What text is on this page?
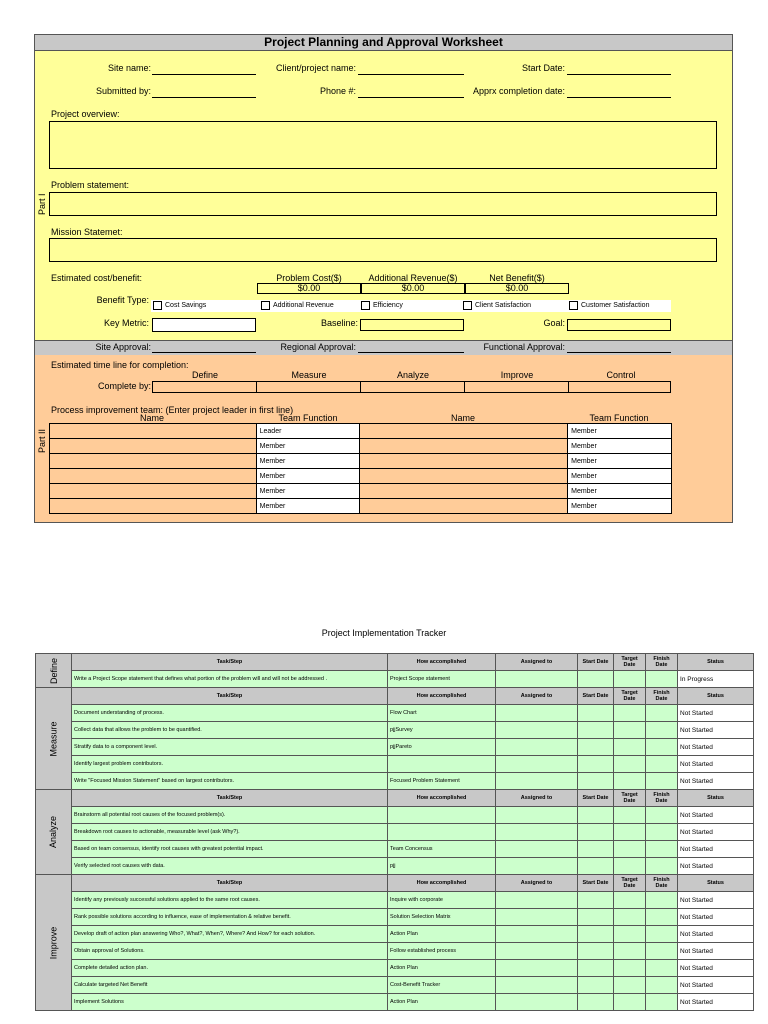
Project Planning and Approval Worksheet
Site name:	Client/project name:	Start Date:
Submitted by:	Phone #:	Apprx completion date:
Project overview:
Part I
Problem statement:
Mission Statemet:
Estimated cost/benefit:	Problem Cost($)	Additional Revenue($)	Net Benefit($)
$0.00	$0.00	$0.00
Benefit Type:
Cost Savings	Additional Revenue	Efficiency	Client Satisfaction	Customer Satisfaction
Key Metric:	Baseline:	Goal:
Site Approval:	Regional Approval:	Functional Approval:
Estimated time line for completion:
Define	Measure	Analyze	Improve	Control
Complete by:
Process improvement team: (Enter project leader in first line)
Part II
Name	Team Function	Name	Team Function
	Leader		Member
	Member		Member
	Member		Member
	Member		Member
	Member		Member
	Member		Member
Project Implementation Tracker
Define	Task/Step	How accomplished	Assigned to	Start Date	Target Date	Finish Date	Status
	Write a Project Scope statement that defines what portion of the problem will and will not be addressed .	Project Scope statement					In Progress
Measure	Task/Step	How accomplished	Assigned to	Start Date	Target Date	Finish Date	Status
	Document understanding of process.	Flow Chart					Not Started
	Collect data that allows the problem to be quantified.	pjjSurvey					Not Started
	Stratify data to a component level.	pjjPareto					Not Started
	Identify largest problem contributors.						Not Started
	Write "Focused Mission Statement" based on largest contributors.	Focused Problem Statement					Not Started
Analyze	Task/Step	How accomplished	Assigned to	Start Date	Target Date	Finish Date	Status
	Brainstorm all potential root causes of the focused problem(s).						Not Started
	Breakdown root causes to actionable, measurable level (ask Why?).						Not Started
	Based on team consensus, identify root causes with greatest potential impact.	Team Concensus					Not Started
	Verify selected root causes with data.	pjj					Not Started
Improve	Task/Step	How accomplished	Assigned to	Start Date	Target Date	Finish Date	Status
	Identify any previously successful solutions applied to the same root causes.	Inquire with corporate					Not Started
	Rank possible solutions according to influence, ease of implementation & relative benefit.	Solution Selection Matrix					Not Started
	Develop draft of action plan answering Who?, What?, When?, Where? And How? for each solution.	Action Plan					Not Started
	Obtain approval of Solutions.	Follow established process					Not Started
	Complete detailed action plan.	Action Plan					Not Started
	Calculate targeted Net Benefit	Cost-Benefit Tracker					Not Started
	Implement Solutions	Action Plan					Not Started
